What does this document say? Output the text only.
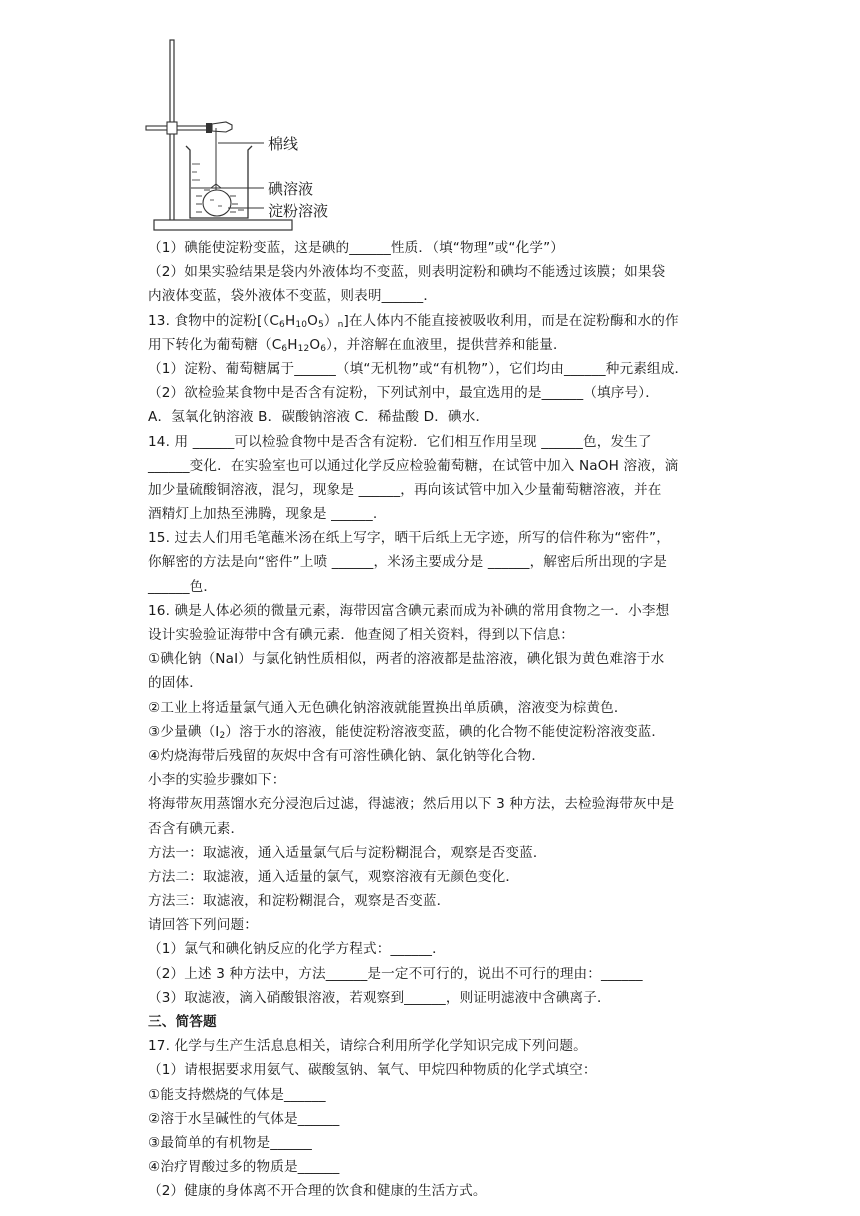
棉线
碘溶液
淀粉溶液
（1）碘能使淀粉变蓝，这是碘的______性质．（填“物理”或“化学”）
（2）如果实验结果是袋内外液体均不变蓝，则表明淀粉和碘均不能透过该膜；如果袋
内液体变蓝，袋外液体不变蓝，则表明______．
13. 食物中的淀粉$[(C_6H_{10}O_5)_n]$在人体内不能直接被吸收利用，而是在淀粉酶和水的作
用下转化为葡萄糖$(C_6H_{12}O_6)$，并溶解在血液里，提供营养和能量．
（1）淀粉、葡萄糖属于______（填“无机物”或“有机物”），它们均由______种元素组成．
（2）欲检验某食物中是否含有淀粉，下列试剂中，最宜选用的是______（填序号）．
A．氢氧化钠溶液 B．碳酸钠溶液 C．稀盐酸 D．碘水．
14. 用 ______可以检验食物中是否含有淀粉．它们相互作用呈现 ______色，发生了
______变化．在实验室也可以通过化学反应检验葡萄糖，在试管中加入 NaOH 溶液，滴
加少量硫酸铜溶液，混匀，现象是 ______，再向该试管中加入少量葡萄糖溶液，并在
酒精灯上加热至沸腾，现象是 ______.
15. 过去人们用毛笔蘸米汤在纸上写字，晒干后纸上无字迹，所写的信件称为“密件”，
你解密的方法是向“密件”上喷 ______，米汤主要成分是 ______，解密后所出现的字是
______色．
16. 碘是人体必须的微量元素，海带因富含碘元素而成为补碘的常用食物之一．小李想
设计实验验证海带中含有碘元素．他查阅了相关资料，得到以下信息：
①碘化钠（NaI）与氯化钠性质相似，两者的溶液都是盐溶液，碘化银为黄色难溶于水
的固体．
②工业上将适量氯气通入无色碘化钠溶液就能置换出单质碘，溶液变为棕黄色．
③少量碘$(I_2)$溶于水的溶液，能使淀粉溶液变蓝，碘的化合物不能使淀粉溶液变蓝．
④灼烧海带后残留的灰烬中含有可溶性碘化钠、氯化钠等化合物．
小李的实验步骤如下：
将海带灰用蒸馏水充分浸泡后过滤，得滤液；然后用以下 3 种方法，去检验海带灰中是
否含有碘元素．
方法一：取滤液，通入适量氯气后与淀粉糊混合，观察是否变蓝．
方法二：取滤液，通入适量的氯气，观察溶液有无颜色变化．
方法三：取滤液，和淀粉糊混合，观察是否变蓝．
请回答下列问题：
（1）氯气和碘化钠反应的化学方程式：______．
（2）上述 3 种方法中，方法______是一定不可行的，说出不可行的理由：______
（3）取滤液，滴入硝酸银溶液，若观察到______，则证明滤液中含碘离子．
三、简答题
17. 化学与生产生活息息相关，请综合利用所学化学知识完成下列问题。
（1）请根据要求用氨气、碳酸氢钠、氧气、甲烷四种物质的化学式填空：
①能支持燃烧的气体是______
②溶于水呈碱性的气体是______
③最简单的有机物是______
④治疗胃酸过多的物质是______
（2）健康的身体离不开合理的饮食和健康的生活方式。
